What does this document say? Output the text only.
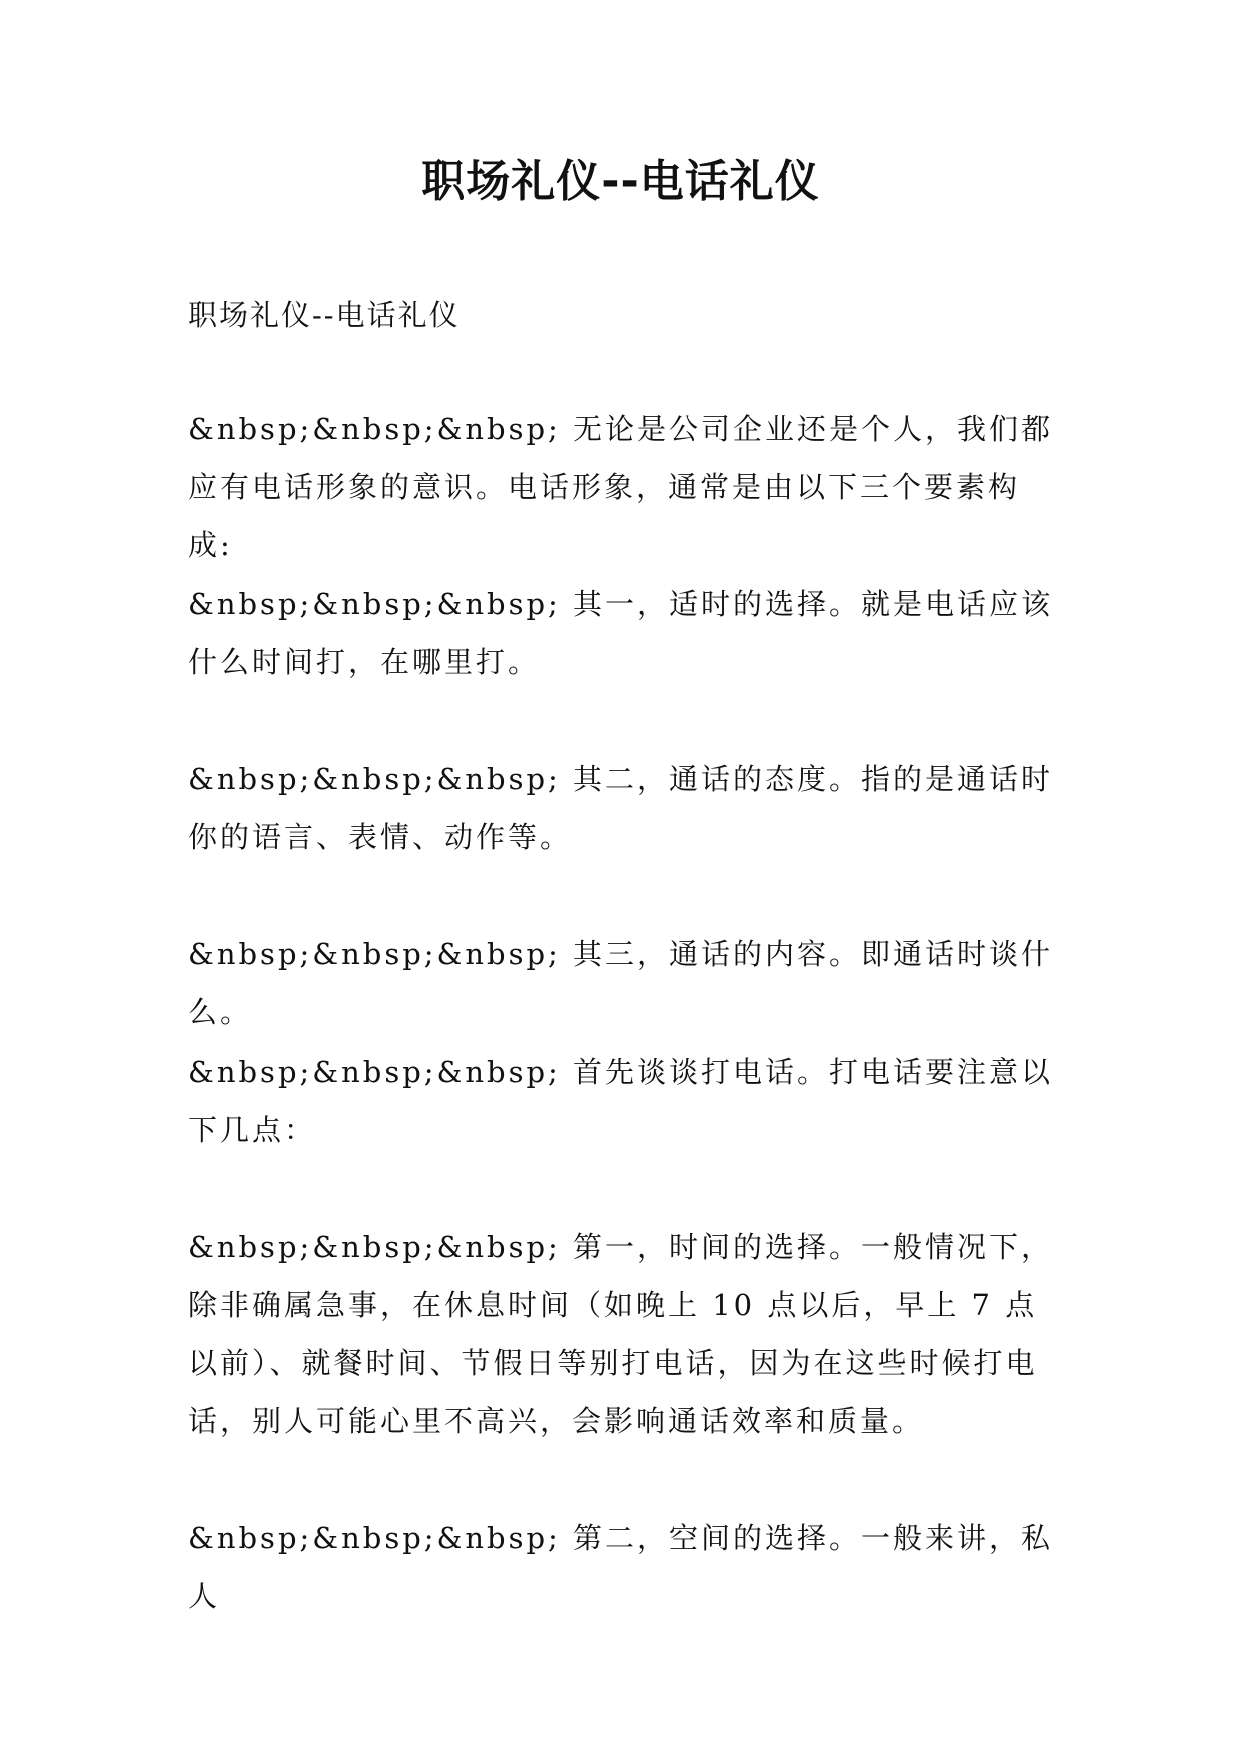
职场礼仪--电话礼仪

职场礼仪--电话礼仪

&nbsp;&nbsp;&nbsp; 无论是公司企业还是个人，我们都应有电话形象的意识。电话形象，通常是由以下三个要素构成:

&nbsp;&nbsp;&nbsp; 其一，适时的选择。就是电话应该什么时间打，在哪里打。

&nbsp;&nbsp;&nbsp; 其二，通话的态度。指的是通话时你的语言、表情、动作等。

&nbsp;&nbsp;&nbsp; 其三，通话的内容。即通话时谈什么。

&nbsp;&nbsp;&nbsp; 首先谈谈打电话。打电话要注意以下几点：

&nbsp;&nbsp;&nbsp; 第一，时间的选择。一般情况下，除非确属急事，在休息时间（如晚上 10 点以后，早上 7 点以前）、就餐时间、节假日等别打电话，因为在这些时候打电话，别人可能心里不高兴，会影响通话效率和质量。

&nbsp;&nbsp;&nbsp; 第二，空间的选择。一般来讲，私人
